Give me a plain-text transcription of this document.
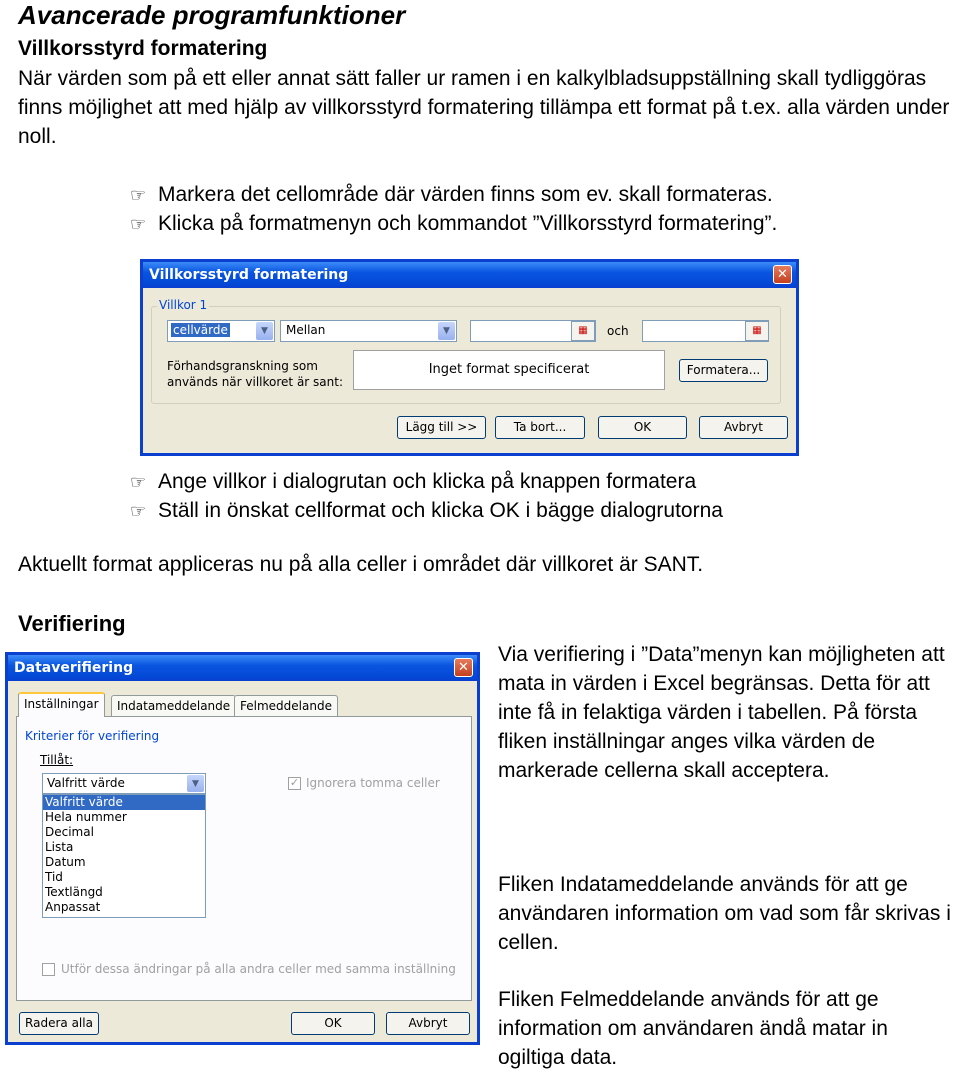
Avancerade programfunktioner
Villkorsstyrd formatering
När värden som på ett eller annat sätt faller ur ramen i en kalkylbladsuppställning skall tydliggöras finns möjlighet att med hjälp av villkorsstyrd formatering tillämpa ett format på t.ex. alla värden under noll.
☞ Markera det cellområde där värden finns som ev. skall formateras.
☞ Klicka på formatmenyn och kommandot ”Villkorsstyrd formatering”.
Villkorsstyrd formatering	✕
Villkor 1
cellvärde	▼	Mellan	▼	▦	och	▦
Förhandsgranskning som
används när villkoret är sant:
Inget format specificerat	Formatera...
Lägg till >>	Ta bort...	OK	Avbryt
☞ Ange villkor i dialogrutan och klicka på knappen formatera
☞ Ställ in önskat cellformat och klicka OK i bägge dialogrutorna
Aktuellt format appliceras nu på alla celler i området där villkoret är SANT.
Verifiering
Dataverifiering	✕
Inställningar	Indatameddelande Felmeddelande
Kriterier för verifiering
Tillåt:
Valfritt värde	▼	✓ Ignorera tomma celler
Valfritt värde
Hela nummer
Decimal
Lista
Datum
Tid
Textlängd
Anpassat
Utför dessa ändringar på alla andra celler med samma inställning
Radera alla	OK	Avbryt
Via verifiering i ”Data”menyn kan möjligheten att mata in värden i Excel begränsas. Detta för att inte få in felaktiga värden i tabellen. På första fliken inställningar anges vilka värden de markerade cellerna skall acceptera.
Fliken Indatameddelande används för att ge användaren information om vad som får skrivas i cellen.
Fliken Felmeddelande används för att ge information om användaren ändå matar in ogiltiga data.
